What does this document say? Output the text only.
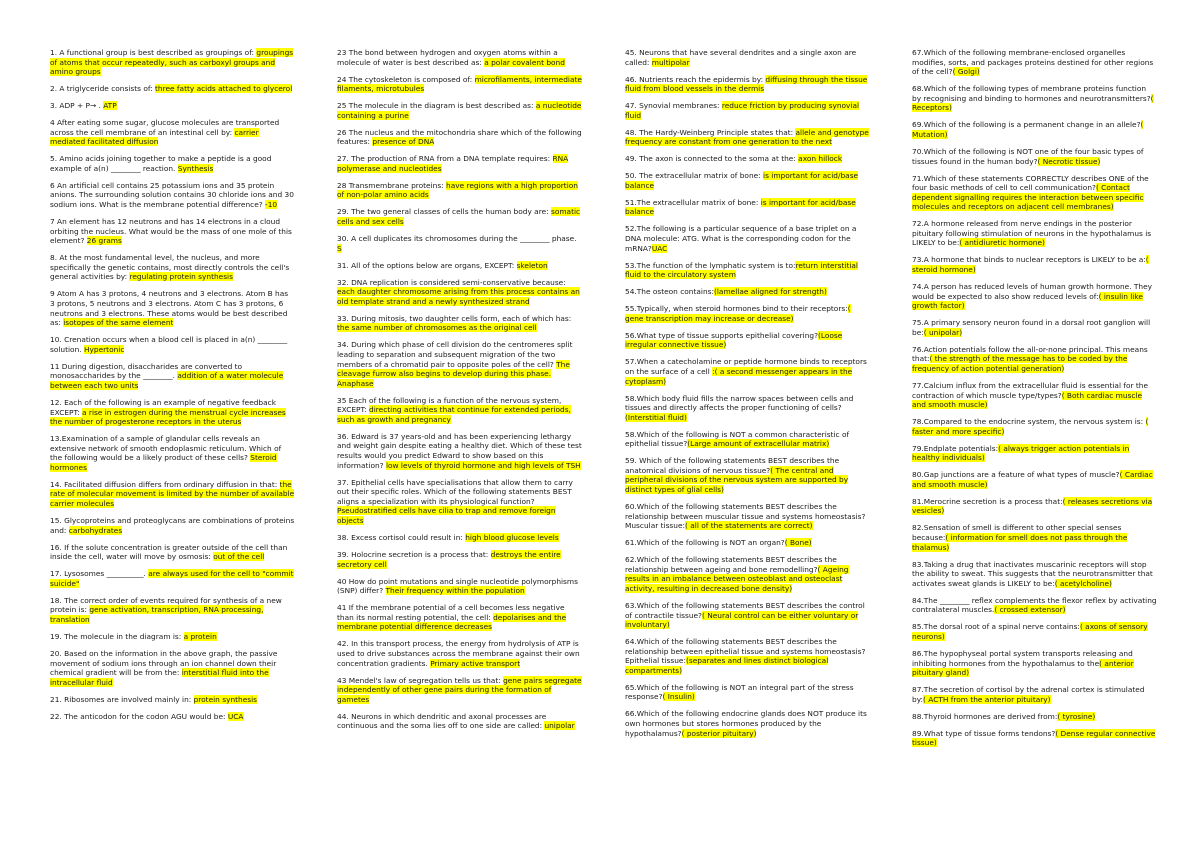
1. A functional group is best described as groupings of: groupings of atoms that occur repeatedly, such as carboxyl groups and amino groups
2. A triglyceride consists of: three fatty acids attached to glycerol
3. ADP + P→ . ATP
4 After eating some sugar, glucose molecules are transported across the cell membrane of an intestinal cell by: carrier mediated facilitated diffusion
5. Amino acids joining together to make a peptide is a good example of a(n) ________ reaction. Synthesis
6 An artificial cell contains 25 potassium ions and 35 protein anions. The surrounding solution contains 30 chloride ions and 30 sodium ions. What is the membrane potential difference? -10
7 An element has 12 neutrons and has 14 electrons in a cloud orbiting the nucleus. What would be the mass of one mole of this element? 26 grams
8. At the most fundamental level, the nucleus, and more specifically the genetic contains, most directly controls the cell's general activities by: regulating protein synthesis
9 Atom A has 3 protons, 4 neutrons and 3 electrons. Atom B has 3 protons, 5 neutrons and 3 electrons. Atom C has 3 protons, 6 neutrons and 3 electrons. These atoms would be best described as: isotopes of the same element
10. Crenation occurs when a blood cell is placed in a(n) ________ solution. Hypertonic
11 During digestion, disaccharides are converted to monosaccharides by the ________. addition of a water molecule between each two units
12. Each of the following is an example of negative feedback EXCEPT: a rise in estrogen during the menstrual cycle increases the number of progesterone receptors in the uterus
13.Examination of a sample of glandular cells reveals an extensive network of smooth endoplasmic reticulum. Which of the following would be a likely product of these cells? Steroid hormones
14. Facilitated diffusion differs from ordinary diffusion in that: the rate of molecular movement is limited by the number of available carrier molecules
15. Glycoproteins and proteoglycans are combinations of proteins and: carbohydrates
16. If the solute concentration is greater outside of the cell than inside the cell, water will move by osmosis: out of the cell
17. Lysosomes __________. are always used for the cell to "commit suicide"
18. The correct order of events required for synthesis of a new protein is: gene activation, transcription, RNA processing, translation
19. The molecule in the diagram is: a protein
20. Based on the information in the above graph, the passive movement of sodium ions through an ion channel down their chemical gradient will be from the: interstitial fluid into the intracellular fluid
21. Ribosomes are involved mainly in: protein synthesis
22. The anticodon for the codon AGU would be: UCA
23 The bond between hydrogen and oxygen atoms within a molecule of water is best described as: a polar covalent bond
24 The cytoskeleton is composed of: microfilaments, intermediate filaments, microtubules
25 The molecule in the diagram is best described as: a nucleotide containing a purine
26 The nucleus and the mitochondria share which of the following features: presence of DNA
27. The production of RNA from a DNA template requires: RNA polymerase and nucleotides
28 Transmembrane proteins: have regions with a high proportion of non-polar amino acids
29. The two general classes of cells the human body are: somatic cells and sex cells
30. A cell duplicates its chromosomes during the ________ phase. S
31. All of the options below are organs, EXCEPT: skeleton
32. DNA replication is considered semi-conservative because: each daughter chromosome arising from this process contains an old template strand and a newly synthesized strand
33. During mitosis, two daughter cells form, each of which has: the same number of chromosomes as the original cell
34. During which phase of cell division do the centromeres split leading to separation and subsequent migration of the two members of a chromatid pair to opposite poles of the cell? The cleavage furrow also begins to develop during this phase. Anaphase
35 Each of the following is a function of the nervous system, EXCEPT: directing activities that continue for extended periods, such as growth and pregnancy
36. Edward is 37 years-old and has been experiencing lethargy and weight gain despite eating a healthy diet. Which of these test results would you predict Edward to show based on this information? low levels of thyroid hormone and high levels of TSH
37. Epithelial cells have specialisations that allow them to carry out their specific roles. Which of the following statements BEST aligns a specialization with its physiological function? Pseudostratified cells have cilia to trap and remove foreign objects
38. Excess cortisol could result in: high blood glucose levels
39. Holocrine secretion is a process that: destroys the entire secretory cell
40 How do point mutations and single nucleotide polymorphisms (SNP) differ? Their frequency within the population
41 If the membrane potential of a cell becomes less negative than its normal resting potential, the cell: depolarises and the membrane potential difference decreases
42. In this transport process, the energy from hydrolysis of ATP is used to drive substances across the membrane against their own concentration gradients. Primary active transport
43 Mendel's law of segregation tells us that: gene pairs segregate independently of other gene pairs during the formation of gametes
44. Neurons in which dendritic and axonal processes are continuous and the soma lies off to one side are called: unipolar
45. Neurons that have several dendrites and a single axon are called: multipolar
46. Nutrients reach the epidermis by: diffusing through the tissue fluid from blood vessels in the dermis
47. Synovial membranes: reduce friction by producing synovial fluid
48. The Hardy-Weinberg Principle states that: allele and genotype frequency are constant from one generation to the next
49. The axon is connected to the soma at the: axon hillock
50. The extracellular matrix of bone: is important for acid/base balance
51.The extracellular matrix of bone: is important for acid/base balance
52.The following is a particular sequence of a base triplet on a DNA molecule: ATG. What is the corresponding codon for the mRNA?UAC
53.The function of the lymphatic system is to:return interstitial fluid to the circulatory system
54.The osteon contains:(lamellae aligned for strength)
55.Typically, when steroid hormones bind to their receptors:( gene transcription may increase or decrease)
56.What type of tissue supports epithelial covering?(Loose irregular connective tissue)
57.When a catecholamine or peptide hormone binds to receptors on the surface of a cell :( a second messenger appears in the cytoplasm)
58.Which body fluid fills the narrow spaces between cells and tissues and directly affects the proper functioning of cells?(Interstitial fluid)
58.Which of the following is NOT a common characteristic of epithelial tissue?(Large amount of extracellular matrix)
59. Which of the following statements BEST describes the anatomical divisions of nervous tissue?( The central and peripheral divisions of the nervous system are supported by distinct types of glial cells)
60.Which of the following statements BEST describes the relationship between muscular tissue and systems homeostasis? Muscular tissue:( all of the statements are correct)
61.Which of the following is NOT an organ?( Bone)
62.Which of the following statements BEST describes the relationship between ageing and bone remodelling?( Ageing results in an imbalance between osteoblast and osteoclast activity, resulting in decreased bone density)
63.Which of the following statements BEST describes the control of contractile tissue?( Neural control can be either voluntary or involuntary)
64.Which of the following statements BEST describes the relationship between epithelial tissue and systems homeostasis? Epithelial tissue:(separates and lines distinct biological compartments)
65.Which of the following is NOT an integral part of the stress response?( Insulin)
66.Which of the following endocrine glands does NOT produce its own hormones but stores hormones produced by the hypothalamus?( posterior pituitary)
67.Which of the following membrane-enclosed organelles modifies, sorts, and packages proteins destined for other regions of the cell?( Golgi)
68.Which of the following types of membrane proteins function by recognising and binding to hormones and neurotransmitters?( Receptors)
69.Which of the following is a permanent change in an allele?( Mutation)
70.Which of the following is NOT one of the four basic types of tissues found in the human body?( Necrotic tissue)
71.Which of these statements CORRECTLY describes ONE of the four basic methods of cell to cell communication?( Contact dependent signalling requires the interaction between specific molecules and receptors on adjacent cell membranes)
72.A hormone released from nerve endings in the posterior pituitary following stimulation of neurons in the hypothalamus is LIKELY to be:( antidiuretic hormone)
73.A hormone that binds to nuclear receptors is LIKELY to be a:( steroid hormone)
74.A person has reduced levels of human growth hormone. They would be expected to also show reduced levels of:( insulin like growth factor)
75.A primary sensory neuron found in a dorsal root ganglion will be:( unipolar)
76.Action potentials follow the all-or-none principal. This means that:( the strength of the message has to be coded by the frequency of action potential generation)
77.Calcium influx from the extracellular fluid is essential for the contraction of which muscle type/types?( Both cardiac muscle and smooth muscle)
78.Compared to the endocrine system, the nervous system is: ( faster and more specific)
79.Endplate potentials:( always trigger action potentials in healthy individuals)
80.Gap junctions are a feature of what types of muscle?( Cardiac and smooth muscle)
81.Merocrine secretion is a process that:( releases secretions via vesicles)
82.Sensation of smell is different to other special senses because:( information for smell does not pass through the thalamus)
83.Taking a drug that inactivates muscarinic receptors will stop the ability to sweat. This suggests that the neurotransmitter that activates sweat glands is LIKELY to be:( acetylcholine)
84.The ________ reflex complements the flexor reflex by activating contralateral muscles.( crossed extensor)
85.The dorsal root of a spinal nerve contains:( axons of sensory neurons)
86.The hypophyseal portal system transports releasing and inhibiting hormones from the hypothalamus to the( anterior pituitary gland)
87.The secretion of cortisol by the adrenal cortex is stimulated by:( ACTH from the anterior pituitary)
88.Thyroid hormones are derived from:( tyrosine)
89.What type of tissue forms tendons?( Dense regular connective tissue)
